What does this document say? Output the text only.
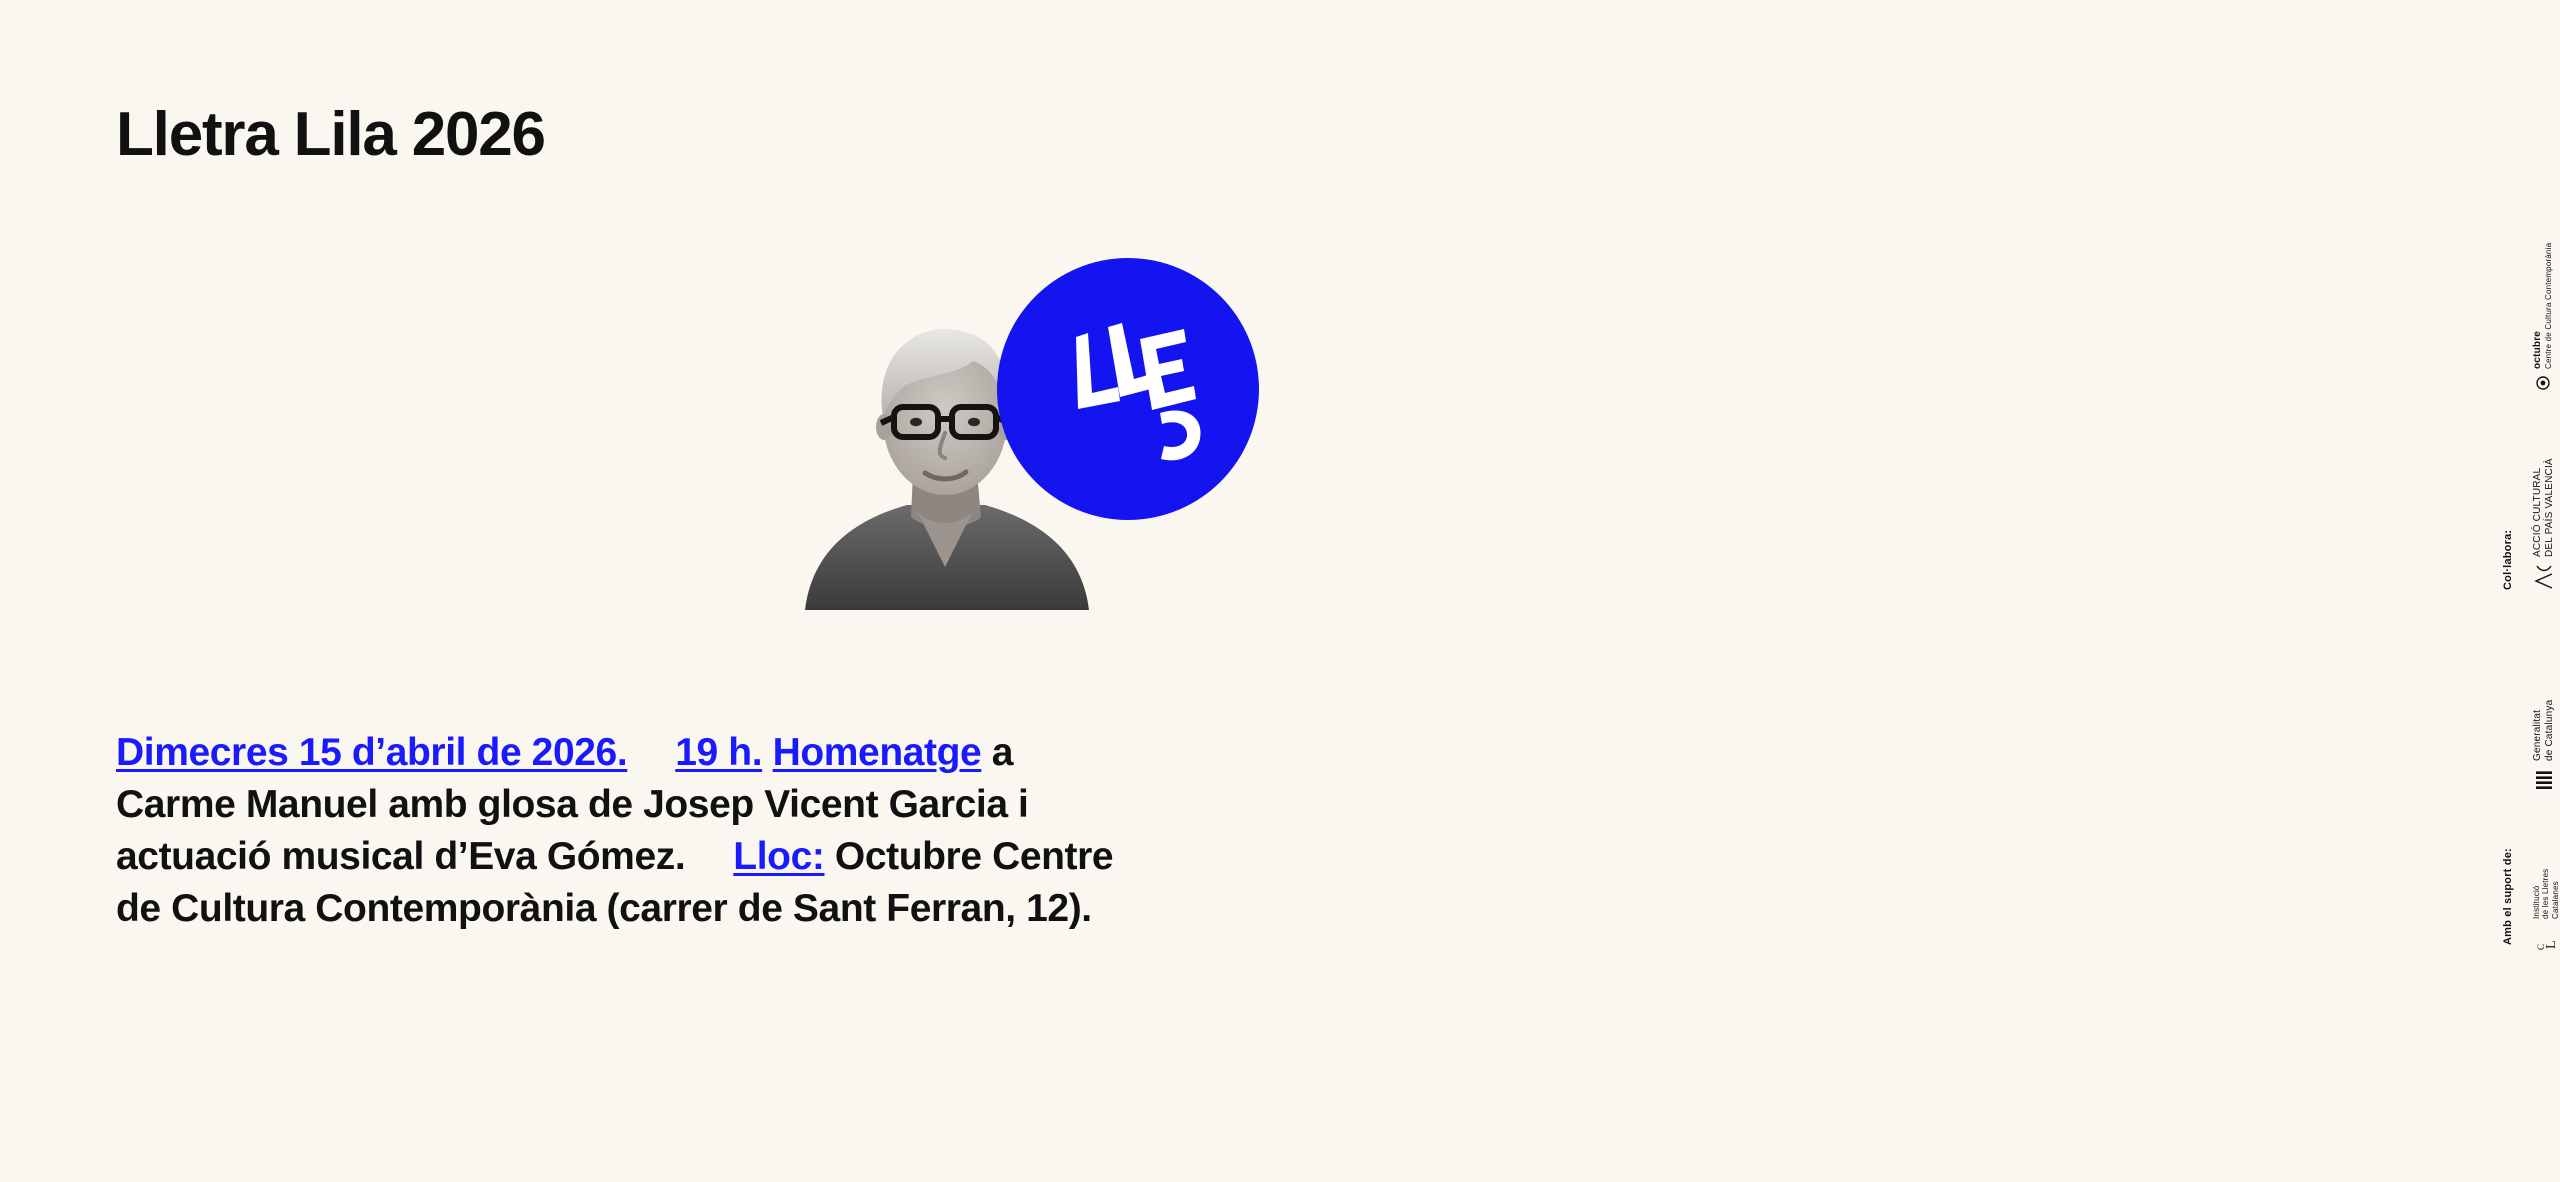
Lletra Lila 2026
Dimecres 15 d’abril de 2026. 19 h. Homenatge a Carme Manuel amb glosa de Josep Vicent Garcia i actuació musical d’Eva Gómez. Lloc: Octubre Centre de Cultura Contemporània (carrer de Sant Ferran, 12).
Col·labora:
Amb el suport de:
octubre Centre de Cultura Contemporània
ACCIÓ CULTURAL DEL PAÍS VALENCIÀ
Generalitat de Catalunya
C
L
Institució de les Lletres Catalanes
